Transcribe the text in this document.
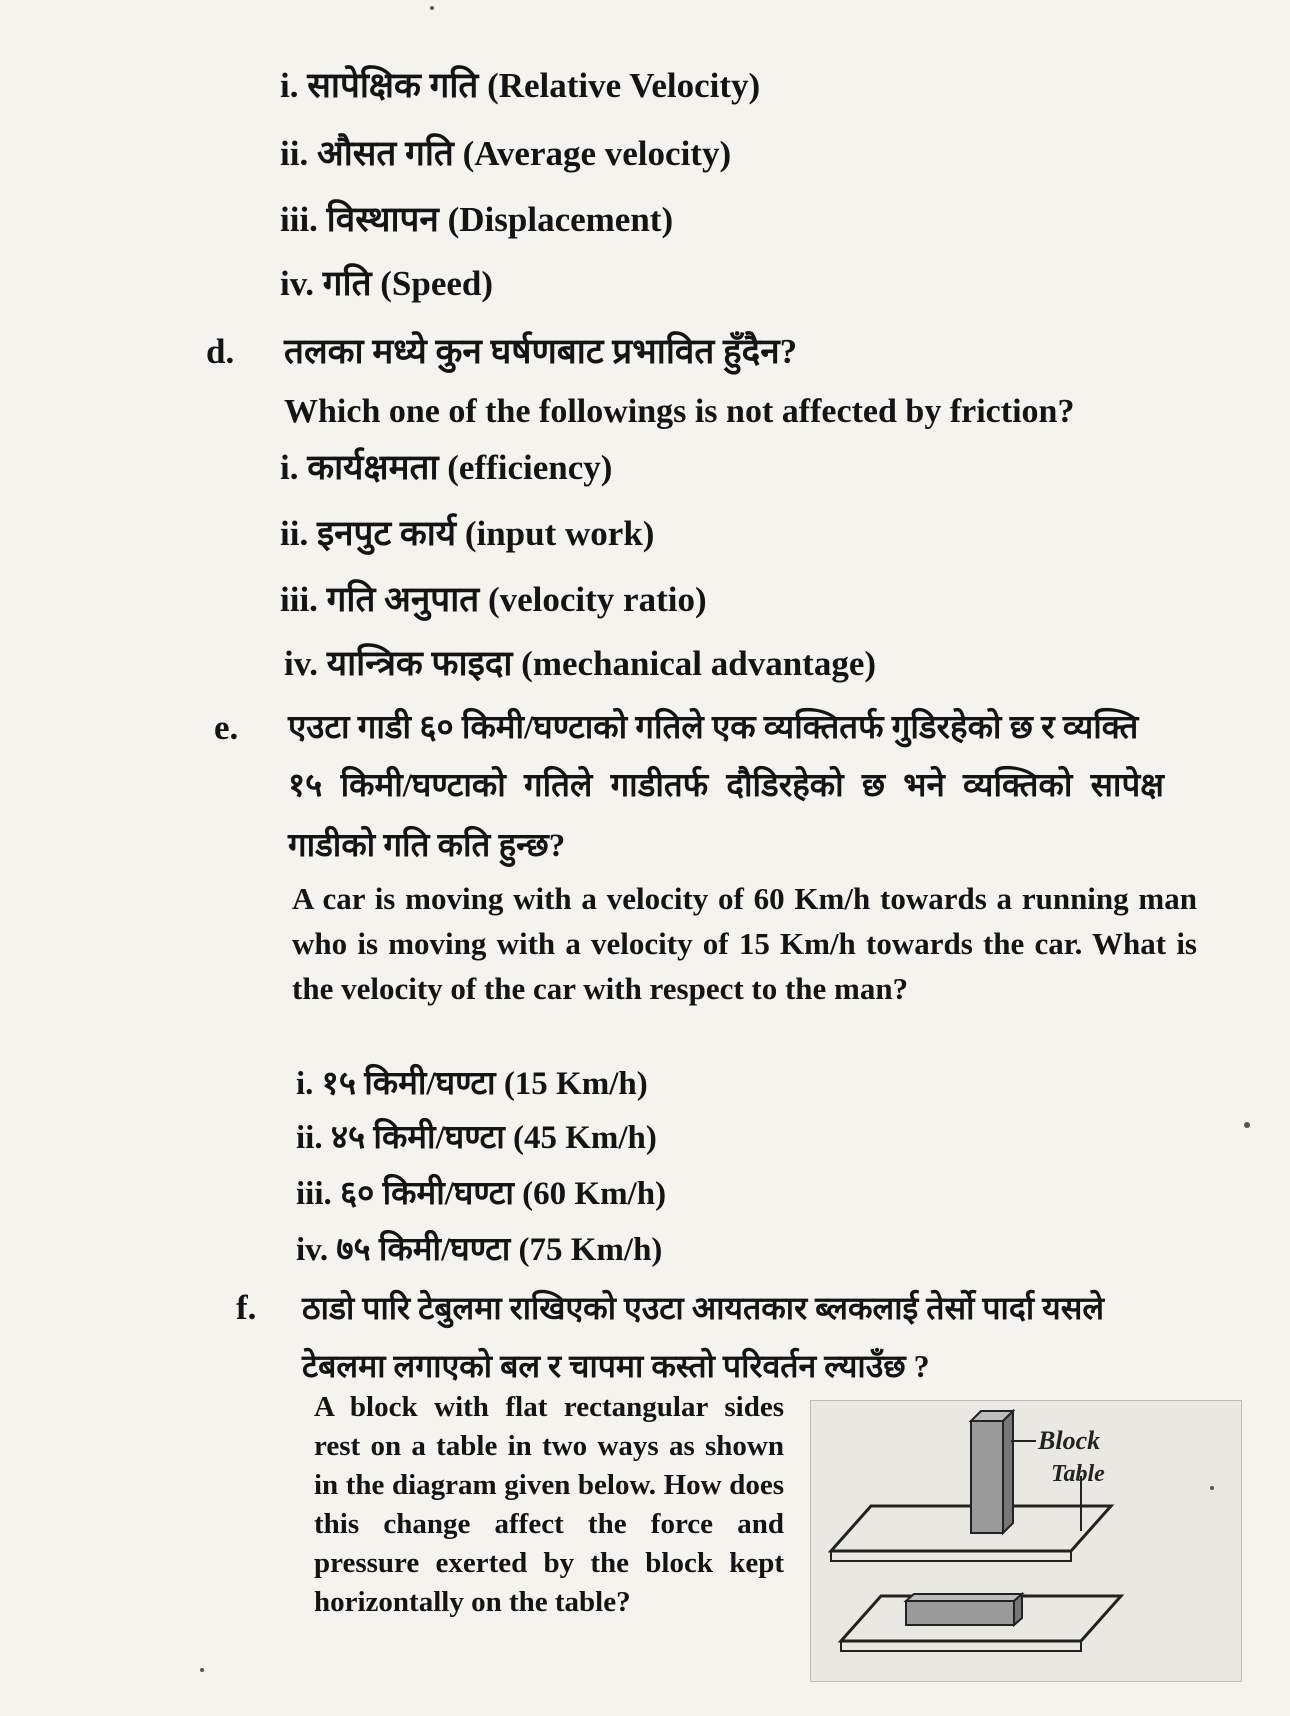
i. सापेक्षिक गति (Relative Velocity)
ii. औसत गति (Average velocity)
iii. विस्थापन (Displacement)
iv. गति (Speed)
d. तलका मध्ये कुन घर्षणबाट प्रभावित हुँदैन?
Which one of the followings is not affected by friction?
i. कार्यक्षमता (efficiency)
ii. इनपुट कार्य (input work)
iii. गति अनुपात (velocity ratio)
iv. यान्त्रिक फाइदा (mechanical advantage)
e. एउटा गाडी ६० किमी/घण्टाको गतिले एक व्यक्तितर्फ गुडिरहेको छ र व्यक्ति
१५ किमी/घण्टाको गतिले गाडीतर्फ दौडिरहेको छ भने व्यक्तिको सापेक्ष
गाडीको गति कति हुन्छ?
A car is moving with a velocity of 60 Km/h towards a running man who is moving with a velocity of 15 Km/h towards the car. What is the velocity of the car with respect to the man?
i. १५ किमी/घण्टा (15 Km/h)
ii. ४५ किमी/घण्टा (45 Km/h)
iii. ६० किमी/घण्टा (60 Km/h)
iv. ७५ किमी/घण्टा (75 Km/h)
f. ठाडो पारि टेबुलमा राखिएको एउटा आयतकार ब्लकलाई तेर्सो पार्दा यसले
टेबलमा लगाएको बल र चापमा कस्तो परिवर्तन ल्याउँछ ?
A block with flat rectangular sides rest on a table in two ways as shown in the diagram given below. How does this change affect the force and pressure exerted by the block kept horizontally on the table?
Block
Table
